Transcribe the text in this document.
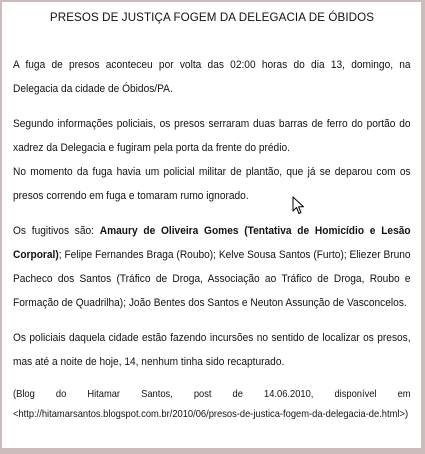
PRESOS DE JUSTIÇA FOGEM DA DELEGACIA DE ÓBIDOS

A fuga de presos aconteceu por volta das 02:00 horas do dia 13, domingo, na Delegacia da cidade de Óbidos/PA.

Segundo informações policiais, os presos serraram duas barras de ferro do portão do xadrez da Delegacia e fugiram pela porta da frente do prédio.

No momento da fuga havia um policial militar de plantão, que já se deparou com os presos correndo em fuga e tomaram rumo ignorado.

Os fugitivos são: Amaury de Oliveira Gomes (Tentativa de Homicídio e Lesão Corporal); Felipe Fernandes Braga (Roubo); Kelve Sousa Santos (Furto); Eliezer Bruno Pacheco dos Santos (Tráfico de Droga, Associação ao Tráfico de Droga, Roubo e Formação de Quadrilha); João Bentes dos Santos e Neuton Assunção de Vasconcelos.

Os policiais daquela cidade estão fazendo incursões no sentido de localizar os presos, mas até a noite de hoje, 14, nenhum tinha sido recapturado.

(Blog do Hitamar Santos, post de 14.06.2010, disponível em <http://hitamarsantos.blogspot.com.br/2010/06/presos-de-justica-fogem-da-delegacia-de.html>)
